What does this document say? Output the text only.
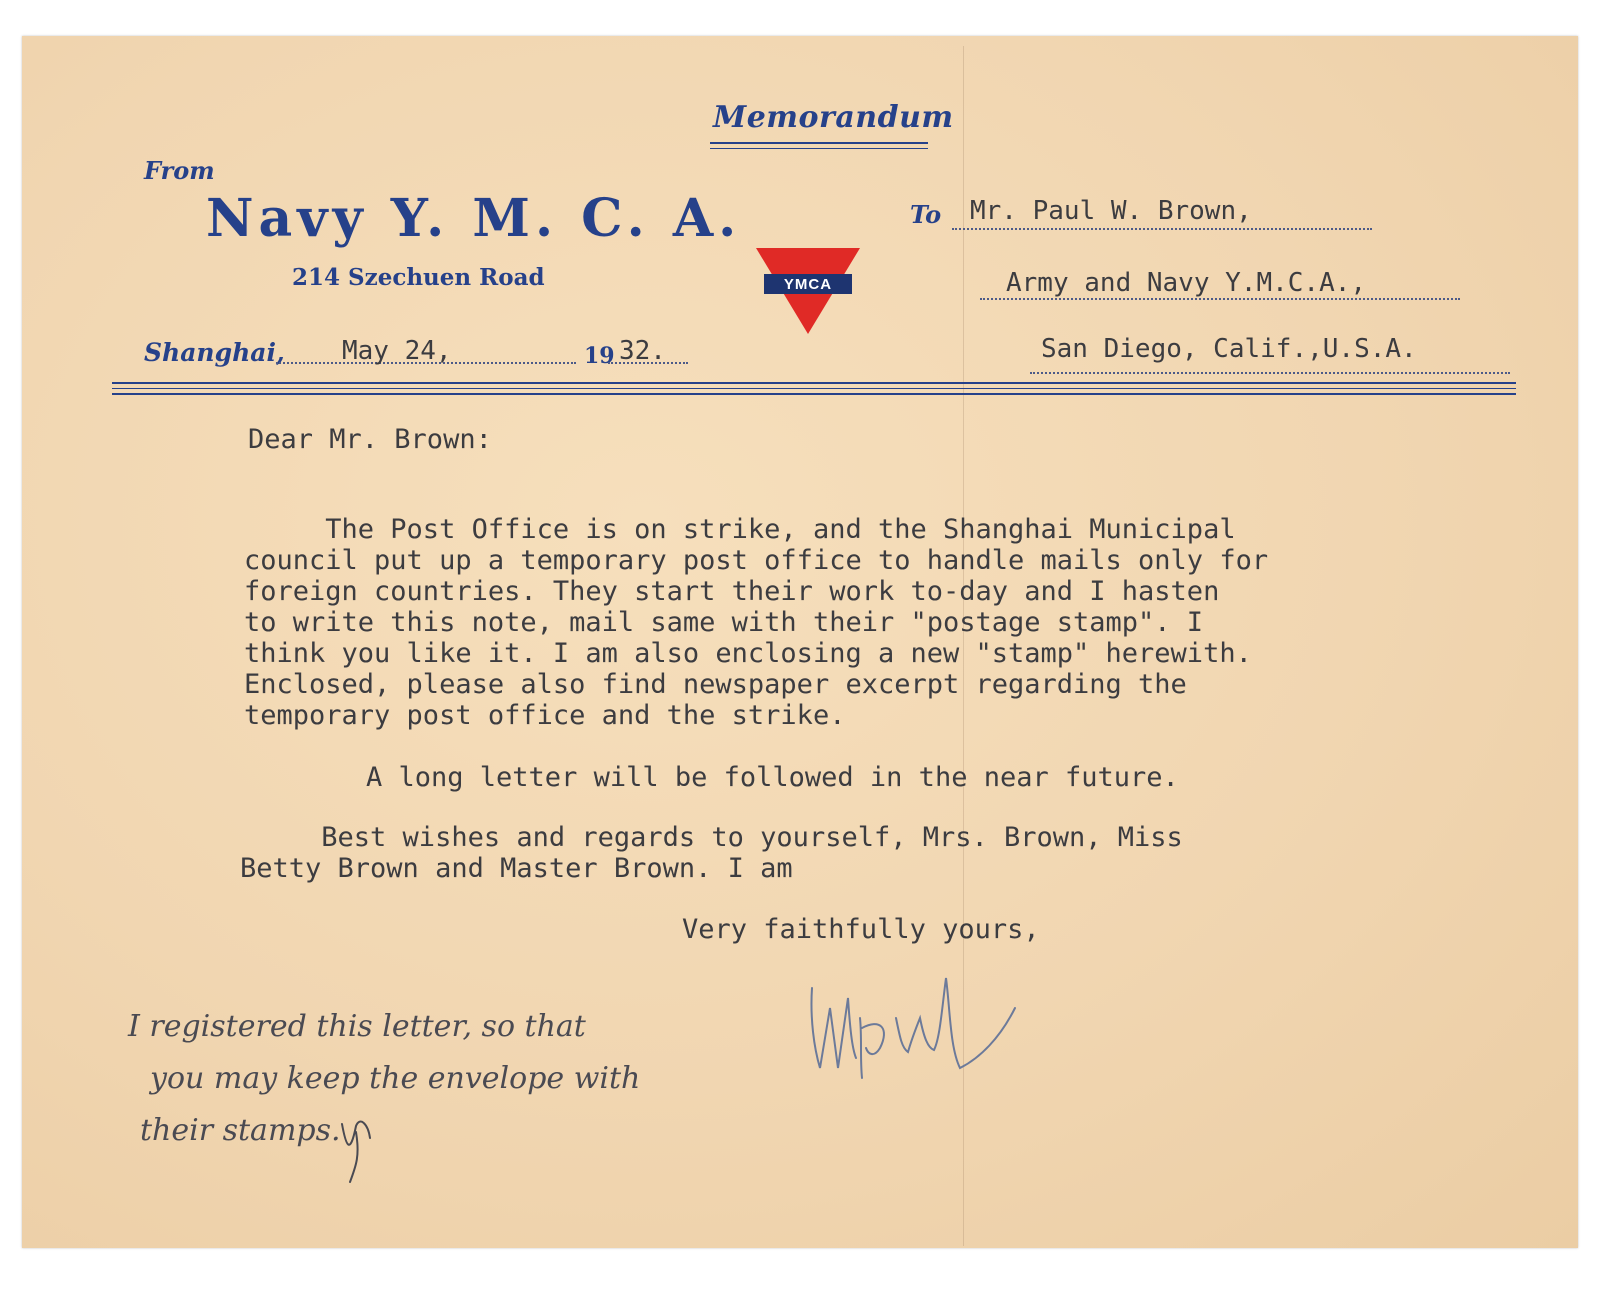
Memorandum
From
Navy Y. M. C. A.
214 Szechuen Road
Shanghai, May 24,	19 32.
YMCA
To Mr. Paul W. Brown,
Army and Navy Y.M.C.A.,
San Diego, Calif.,U.S.A.
Dear Mr. Brown:
The Post Office is on strike, and the Shanghai Municipal
council put up a temporary post office to handle mails only for
foreign countries. They start their work to-day and I hasten
to write this note, mail same with their "postage stamp". I
think you like it. I am also enclosing a new "stamp" herewith.
Enclosed, please also find newspaper excerpt regarding the
temporary post office and the strike.
A long letter will be followed in the near future.
Best wishes and regards to yourself, Mrs. Brown, Miss
Betty Brown and Master Brown. I am
Very faithfully yours,
I registered this letter, so that
you may keep the envelope with
their stamps.
